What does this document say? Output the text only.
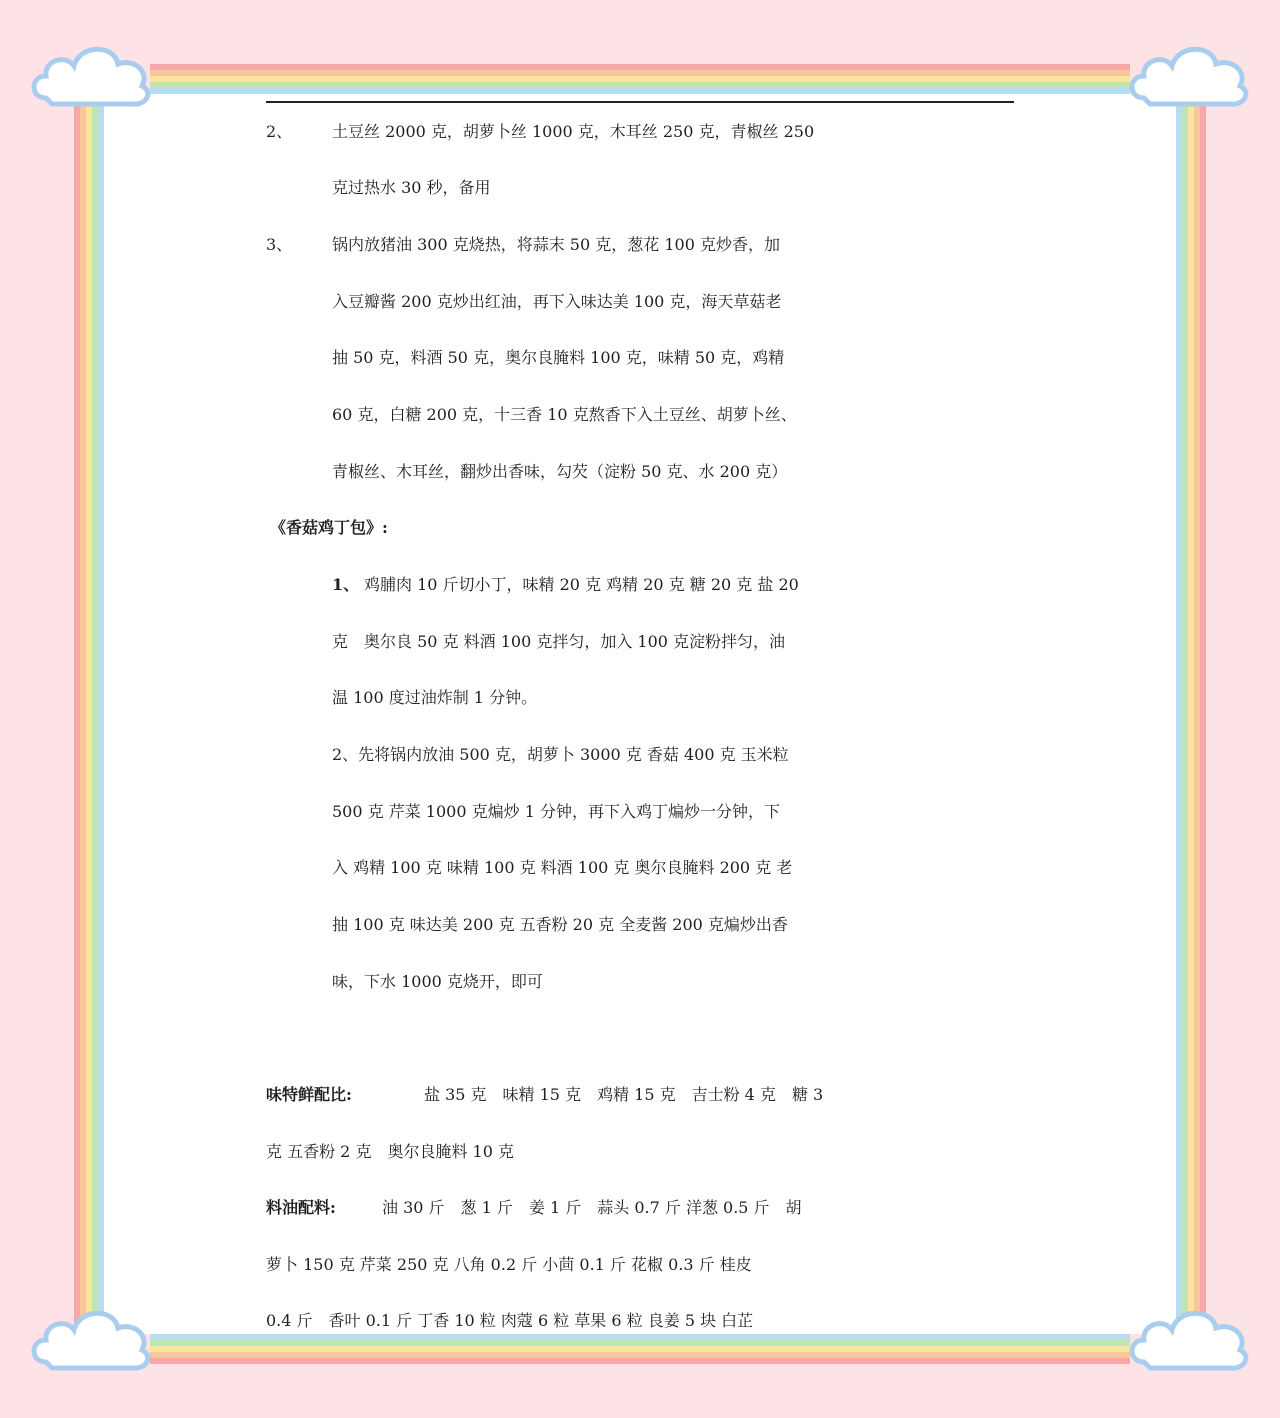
2、 土豆丝 2000 克，胡萝卜丝 1000 克，木耳丝 250 克，青椒丝 250
克过热水 30 秒，备用
3、 锅内放猪油 300 克烧热，将蒜末 50 克，葱花 100 克炒香，加
入豆瓣酱 200 克炒出红油，再下入味达美 100 克，海天草菇老
抽 50 克，料酒 50 克，奥尔良腌料 100 克，味精 50 克，鸡精
60 克，白糖 200 克，十三香 10 克熬香下入土豆丝、胡萝卜丝、
青椒丝、木耳丝，翻炒出香味，勾芡（淀粉 50 克、水 200 克）
《香菇鸡丁包》:
1、 鸡脯肉 10 斤切小丁，味精 20 克 鸡精 20 克 糖 20 克 盐 20
克　奥尔良 50 克 料酒 100 克拌匀，加入 100 克淀粉拌匀，油
温 100 度过油炸制 1 分钟。
2、先将锅内放油 500 克，胡萝卜 3000 克 香菇 400 克 玉米粒
500 克 芹菜 1000 克煸炒 1 分钟，再下入鸡丁煸炒一分钟，下
入 鸡精 100 克 味精 100 克 料酒 100 克 奥尔良腌料 200 克 老
抽 100 克 味达美 200 克 五香粉 20 克 全麦酱 200 克煸炒出香
味，下水 1000 克烧开，即可
味特鲜配比:	盐 35 克　味精 15 克　鸡精 15 克　吉士粉 4 克　糖 3
克 五香粉 2 克　奥尔良腌料 10 克
料油配料:	油 30 斤　葱 1 斤　姜 1 斤　蒜头 0.7 斤 洋葱 0.5 斤　胡
萝卜 150 克 芹菜 250 克 八角 0.2 斤 小茴 0.1 斤 花椒 0.3 斤 桂皮
0.4 斤　香叶 0.1 斤 丁香 10 粒 肉蔻 6 粒 草果 6 粒 良姜 5 块 白芷
